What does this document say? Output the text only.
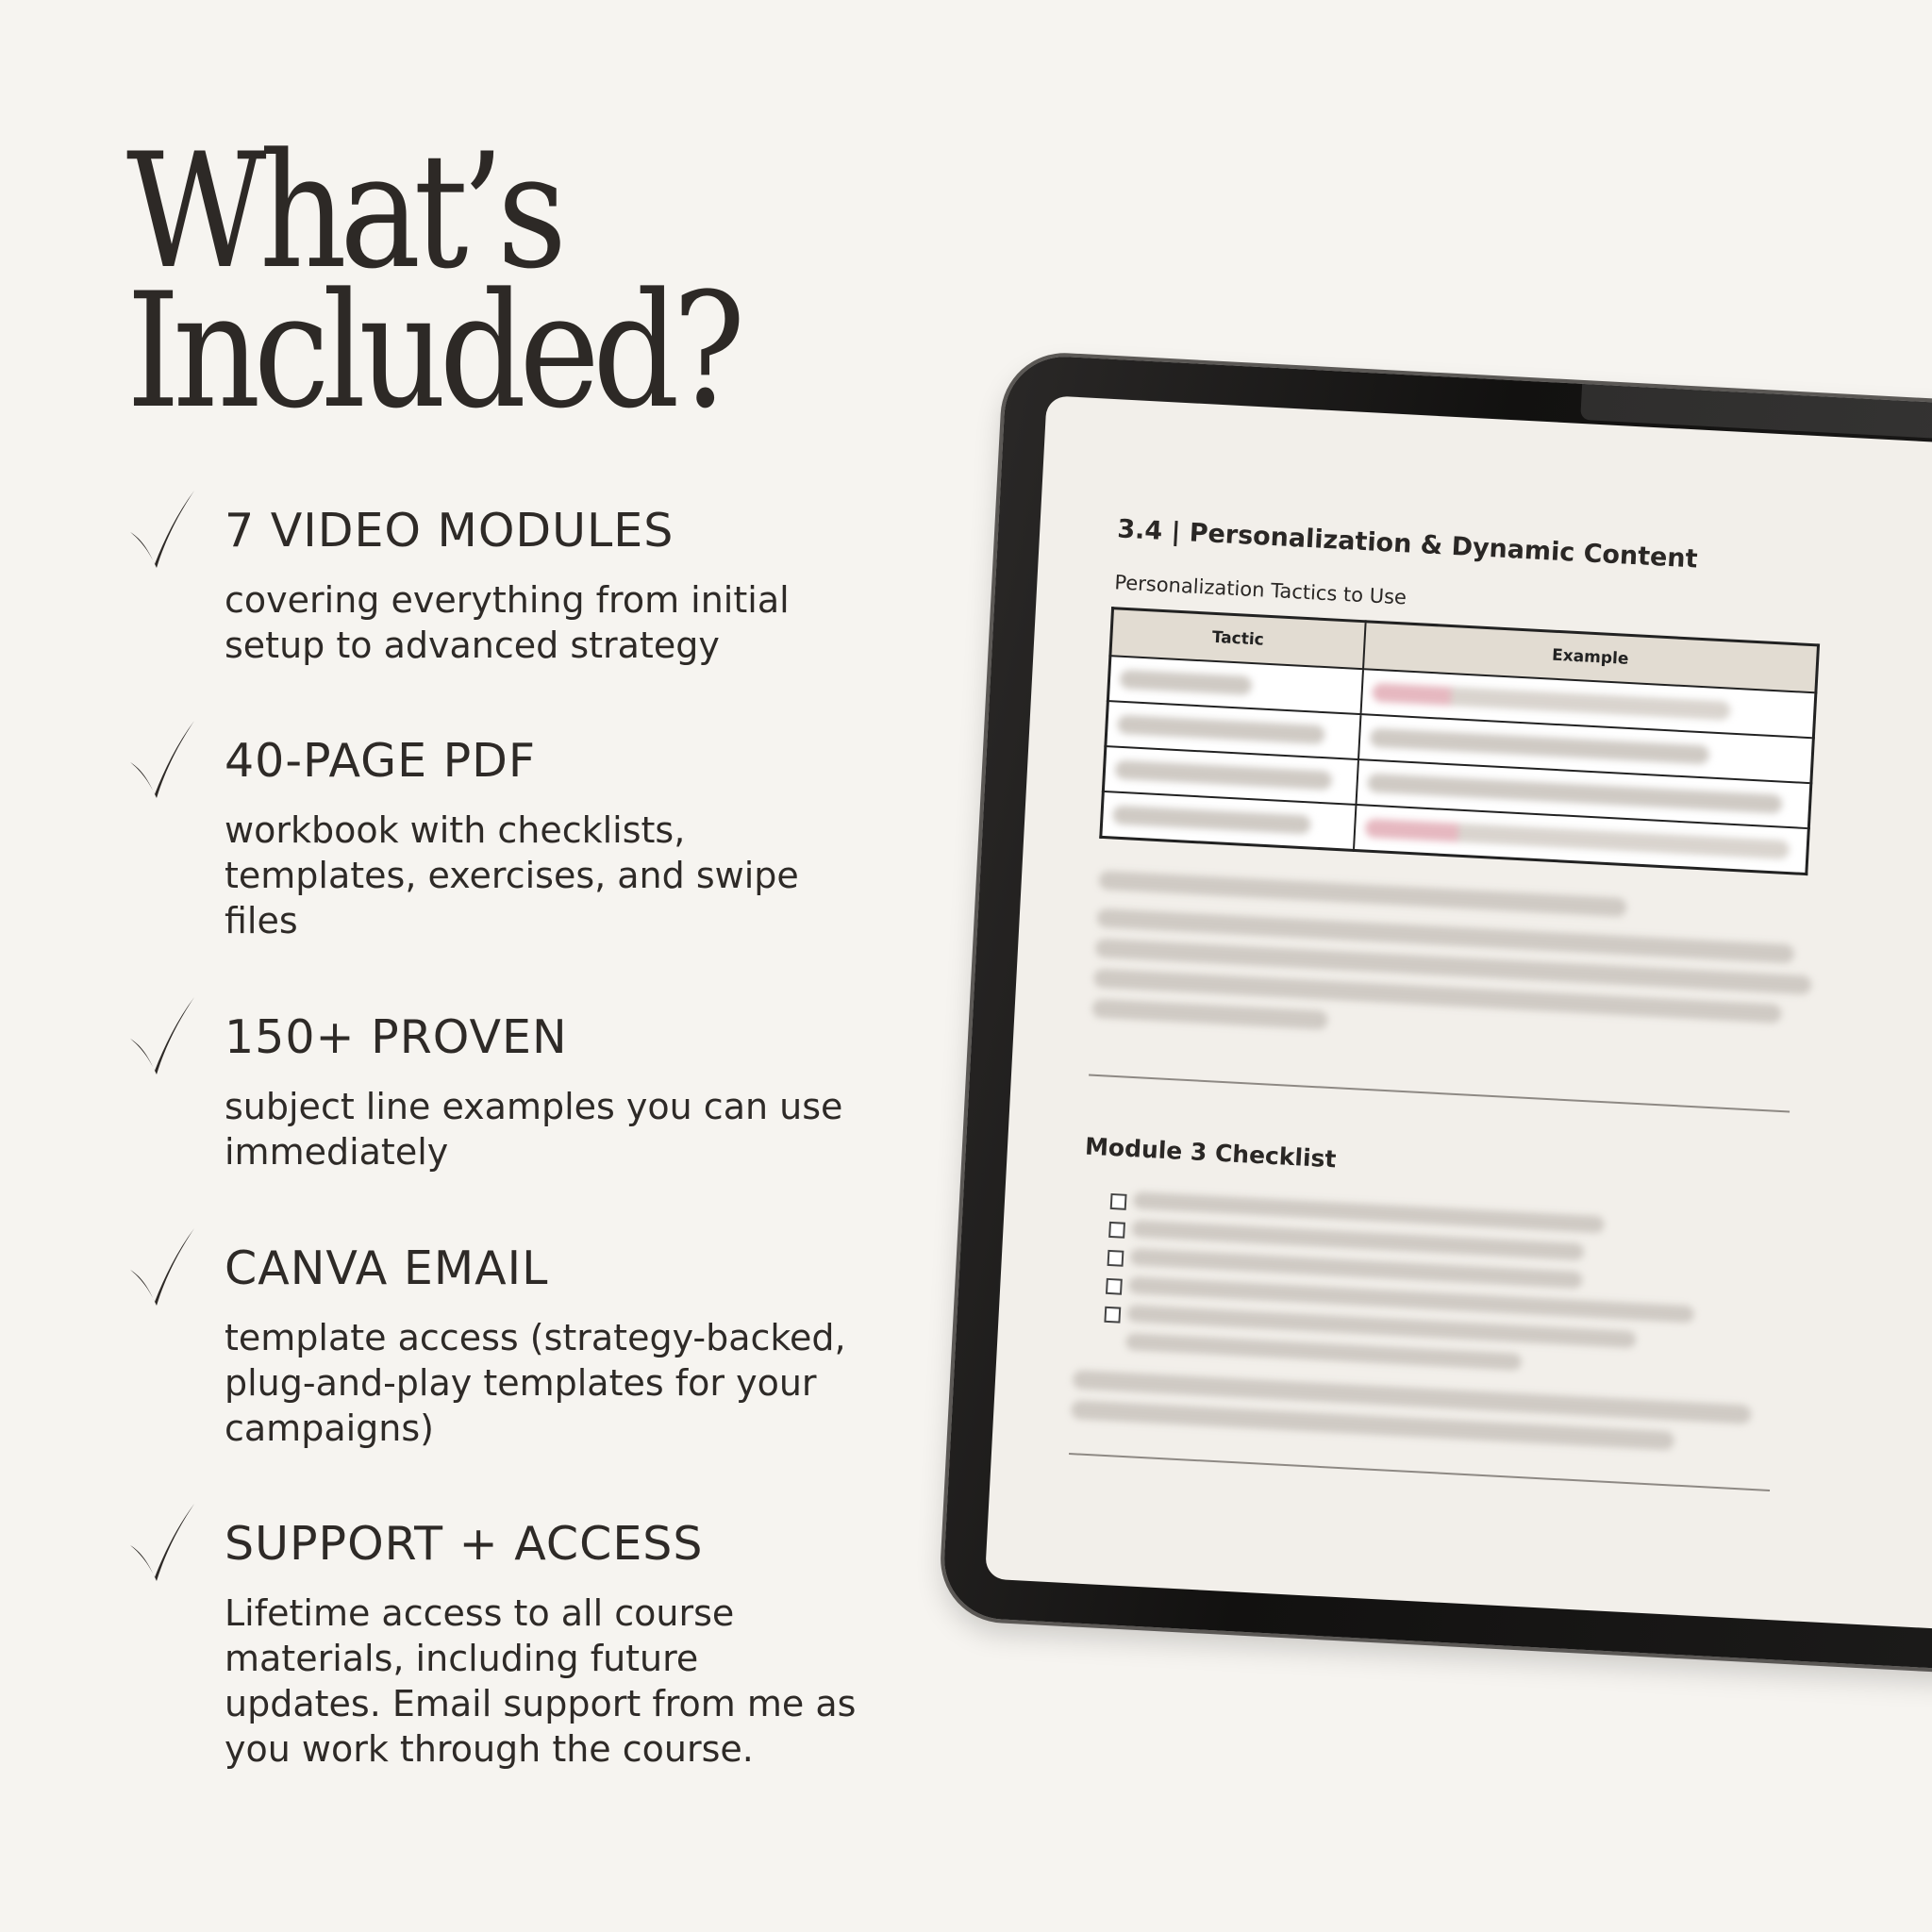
What’s
Included?
7 VIDEO MODULES

covering everything from initial setup to advanced strategy

40-PAGE PDF

workbook with checklists, templates, exercises, and swipe files

150+ PROVEN

subject line examples you can use immediately

CANVA EMAIL

template access (strategy-backed, plug-and-play templates for your campaigns)

SUPPORT + ACCESS

Lifetime access to all course materials, including future updates. Email support from me as you work through the course.

3.4 | Personalization & Dynamic Content

Personalization Tactics to Use

Tactic	Example

Module 3 Checklist
